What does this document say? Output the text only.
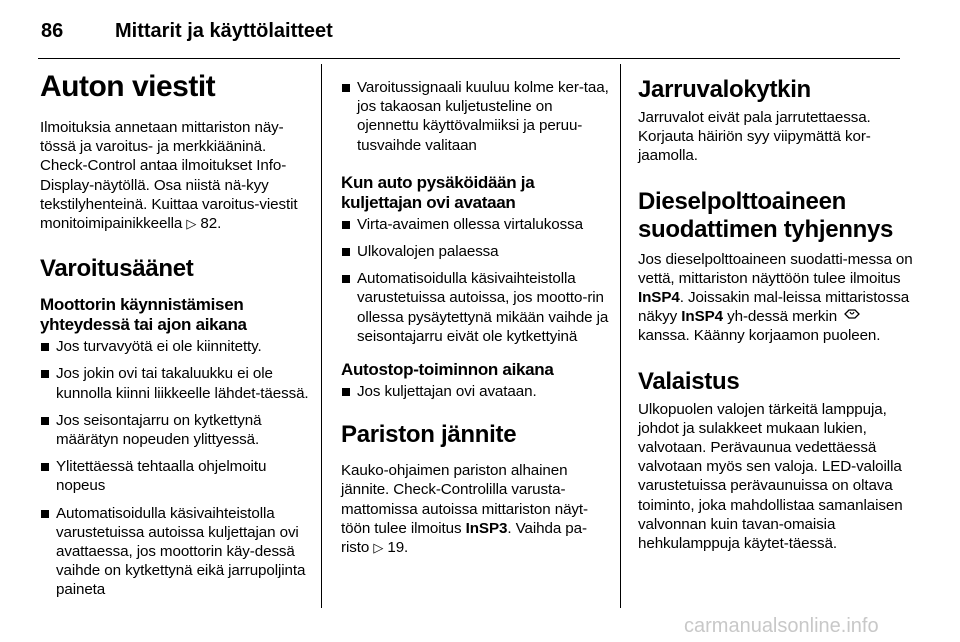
86	Mittarit ja käyttölaitteet
Auton viestit

Ilmoituksia annetaan mittariston näy-tössä ja varoitus- ja merkkiääninä. Check-Control antaa ilmoitukset Info-Display-näytöllä. Osa niistä nä-kyy tekstilyhenteinä. Kuittaa varoitus-viestit monitoimipainikkeella ▷ 82.

Varoitusäänet
Moottorin käynnistämisen yhteydessä tai ajon aikana
Jos turvavyötä ei ole kiinnitetty.
Jos jokin ovi tai takaluukku ei ole kunnolla kiinni liikkeelle lähdet-täessä.
Jos seisontajarru on kytkettynä määrätyn nopeuden ylittyessä.
Ylitettäessä tehtaalla ohjelmoitu nopeus
Automatisoidulla käsivaihteistolla varustetuissa autoissa kuljettajan ovi avattaessa, jos moottorin käy-dessä vaihde on kytkettynä eikä jarrupoljinta paineta
Varoitussignaali kuuluu kolme ker-taa, jos takaosan kuljetusteline on ojennettu käyttövalmiiksi ja peruu-tusvaihde valitaan
Kun auto pysäköidään ja kuljettajan ovi avataan
Virta-avaimen ollessa virtalukossa
Ulkovalojen palaessa
Automatisoidulla käsivaihteistolla varustetuissa autoissa, jos mootto-rin ollessa pysäytettynä mikään vaihde ja seisontajarru eivät ole kytkettyinä
Autostop-toiminnon aikana
Jos kuljettajan ovi avataan.
Pariston jännite

Kauko-ohjaimen pariston alhainen jännite. Check-Controlilla varusta-mattomissa autoissa mittariston näyt-töön tulee ilmoitus InSP3. Vaihda pa-risto ▷ 19.

Jarruvalokytkin

Jarruvalot eivät pala jarrutettaessa. Korjauta häiriön syy viipymättä kor-jaamolla.

Dieselpolttoaineen suodattimen tyhjennys

Jos dieselpolttoaineen suodatti-messa on vettä, mittariston näyttöön tulee ilmoitus InSP4. Joissakin mal-leissa mittaristossa näkyy InSP4 yh-dessä merkin  kanssa. Käänny korjaamon puoleen.

Valaistus

Ulkopuolen valojen tärkeitä lamppuja, johdot ja sulakkeet mukaan lukien, valvotaan. Perävaunua vedettäessä valvotaan myös sen valoja. LED-valoilla varustetuissa perävaunuissa on oltava toiminto, joka mahdollistaa samanlaisen valvonnan kuin tavan-omaisia hehkulamppuja käytet-täessä.

carmanualsonline.info
